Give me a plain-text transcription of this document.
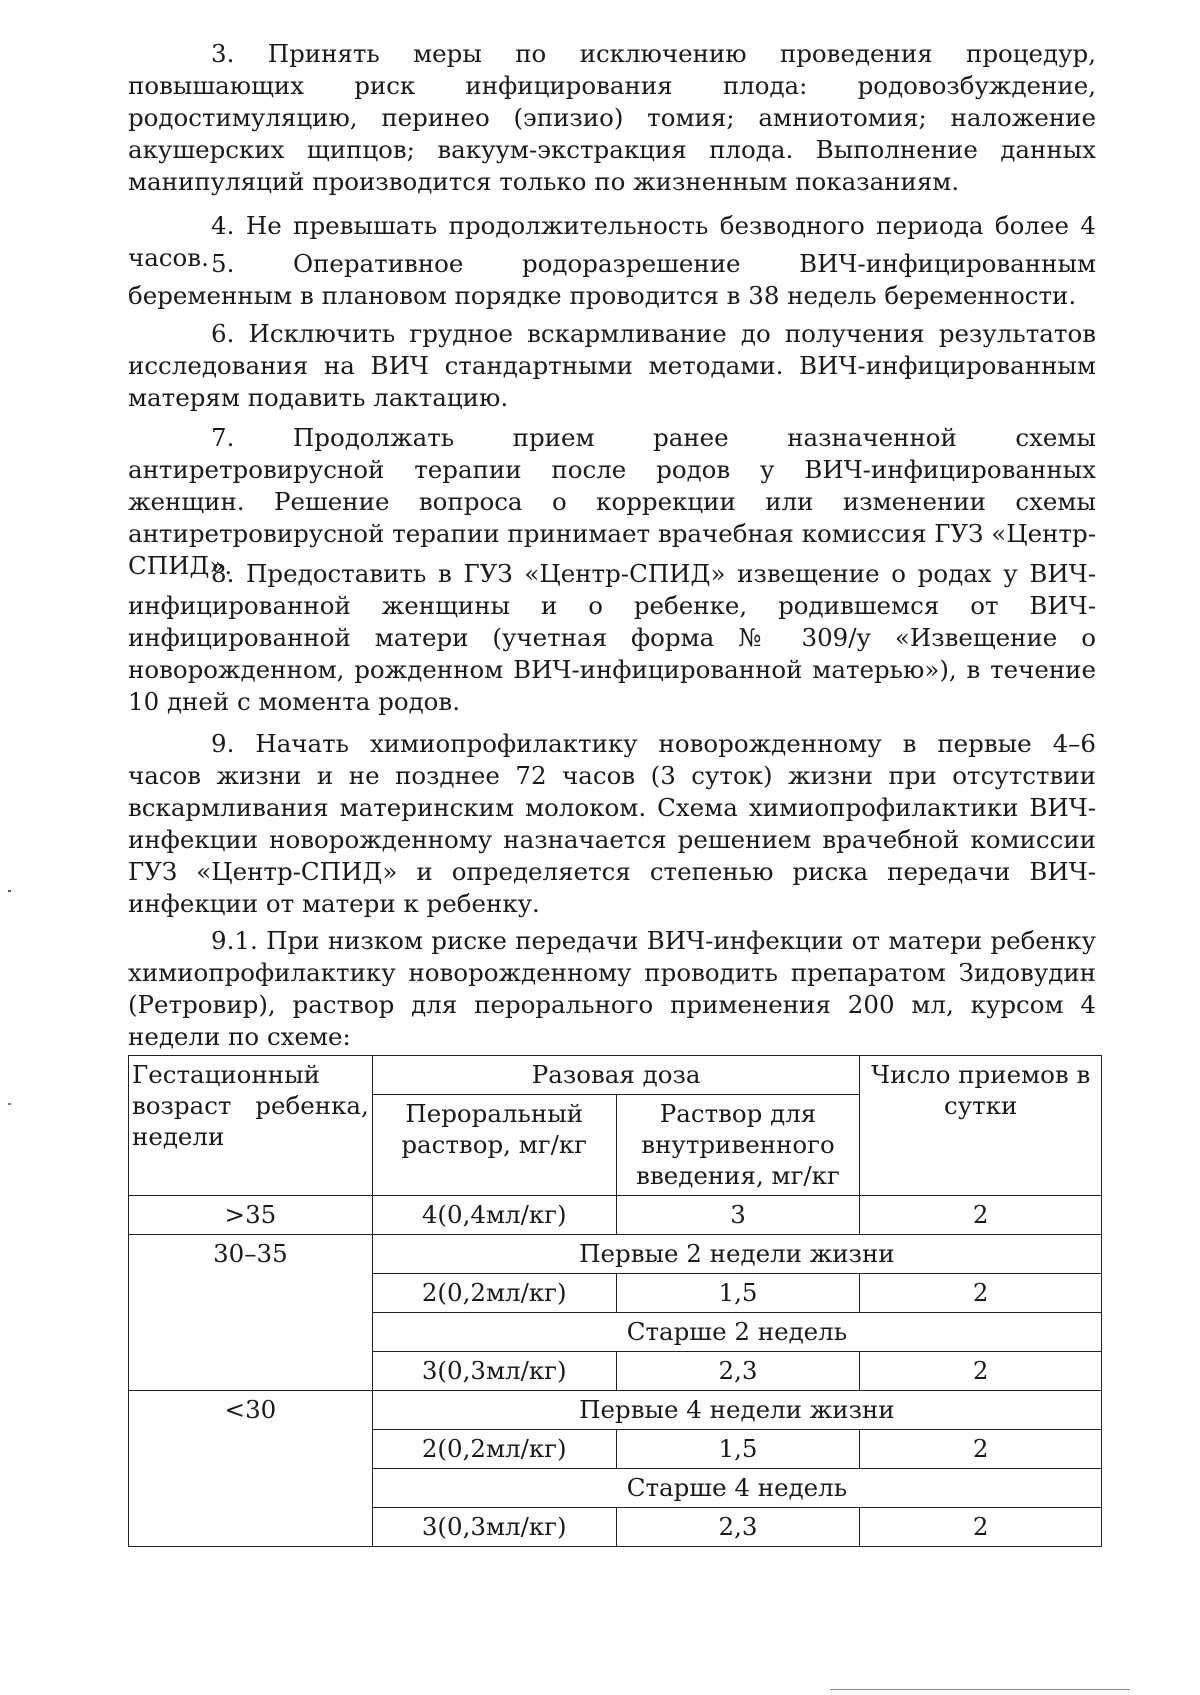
3. Принять меры по исключению проведения процедур, повышающих риск инфицирования плода: родовозбуждение, родостимуляцию, перинео (эпизио) томия; амниотомия; наложение акушерских щипцов; вакуум-экстракция плода. Выполнение данных манипуляций производится только по жизненным показаниям.

4. Не превышать продолжительность безводного периода более 4 часов. 5. Оперативное родоразрешение ВИЧ-инфицированным беременным в плановом порядке проводится в 38 недель беременности.

6. Исключить грудное вскармливание до получения результатов исследования на ВИЧ стандартными методами. ВИЧ-инфицированным матерям подавить лактацию.

7. Продолжать прием ранее назначенной схемы антиретровирусной терапии после родов у ВИЧ-инфицированных женщин. Решение вопроса о коррекции или изменении схемы антиретровирусной терапии принимает врачебная комиссия ГУЗ «Центр-СПИД».

8. Предоставить в ГУЗ «Центр-СПИД» извещение о родах у ВИЧ-инфицированной женщины и о ребенке, родившемся от ВИЧ-инфицированной матери (учетная форма № 309/у «Извещение о новорожденном, рожденном ВИЧ-инфицированной матерью»), в течение 10 дней с момента родов.

9. Начать химиопрофилактику новорожденному в первые 4–6 часов жизни и не позднее 72 часов (3 суток) жизни при отсутствии вскармливания материнским молоком. Схема химиопрофилактики ВИЧ-инфекции новорожденному назначается решением врачебной комиссии ГУЗ «Центр-СПИД» и определяется степенью риска передачи ВИЧ-инфекции от матери к ребенку.

9.1. При низком риске передачи ВИЧ-инфекции от матери ребенку химиопрофилактику новорожденному проводить препаратом Зидовудин (Ретровир), раствор для перорального применения 200 мл, курсом 4 недели по схеме:

Гестационный
возраст ребенка,
недели	Разовая доза		Число приемов в сутки
	Пероральный раствор, мг/кг	Раствор для внутривенного введения, мг/кг	
>35	4(0,4мл/кг)	3	2
30–35	Первые 2 недели жизни		
	2(0,2мл/кг)	1,5	2
	Старше 2 недель		
	3(0,3мл/кг)	2,3	2
<30	Первые 4 недели жизни		
	2(0,2мл/кг)	1,5	2
	Старше 4 недель		
	3(0,3мл/кг)	2,3	2
